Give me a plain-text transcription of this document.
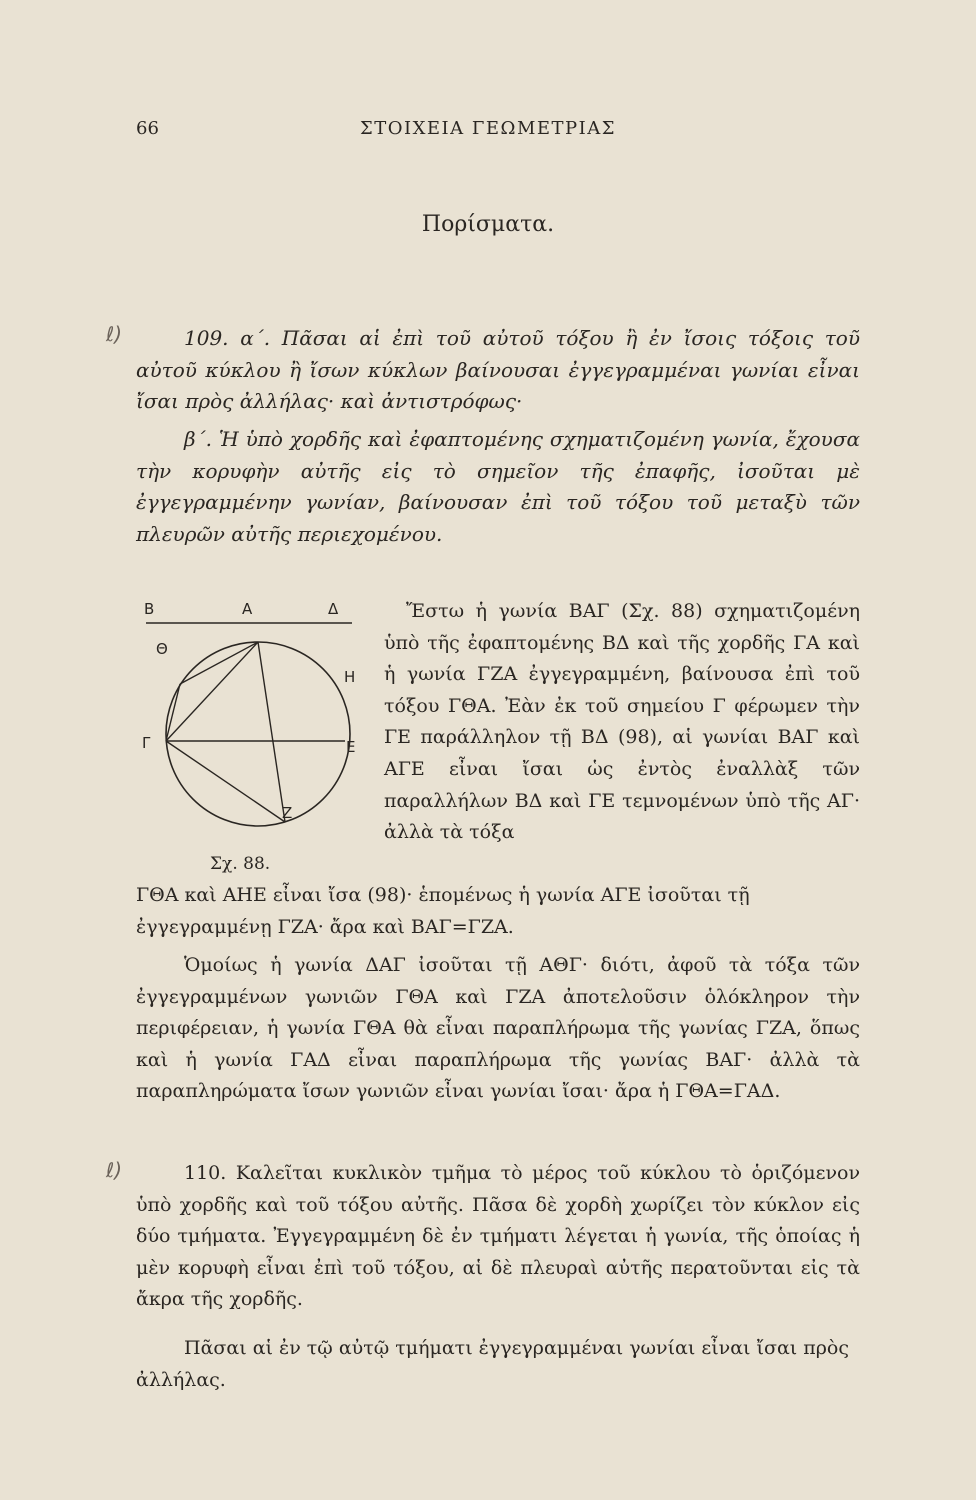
66	ΣΤΟΙΧΕΙΑ ΓΕΩΜΕΤΡΙΑΣ
Πορίσματα.
ℓ)	109. α΄. Πᾶσαι αἱ ἐπὶ τοῦ αὐτοῦ τόξου ἢ ἐν ἴσοις τόξοις τοῦ αὐτοῦ κύκλου ἢ ἴσων κύκλων βαίνουσαι ἐγγεγραμμέναι γωνίαι εἶναι ἴσαι πρὸς ἀλλήλας· καὶ ἀντιστρόφως·
β΄. Ἡ ὑπὸ χορδῆς καὶ ἐφαπτομένης σχηματιζομένη γωνία, ἔχουσα τὴν κορυφὴν αὐτῆς εἰς τὸ σημεῖον τῆς ἐπαφῆς, ἰσοῦται μὲ ἐγγεγραμμένην γωνίαν, βαίνουσαν ἐπὶ τοῦ τόξου τοῦ μεταξὺ τῶν πλευρῶν αὐτῆς περιεχομένου.
Β	Α	Δ
Θ
Η
Γ	Ε
Z
Σχ. 88.
Ἔστω ἡ γωνία ΒΑΓ (Σχ. 88) σχηματιζομένη ὑπὸ τῆς ἐφαπτομένης ΒΔ καὶ τῆς χορδῆς ΓΑ καὶ ἡ γωνία ΓΖΑ ἐγγεγραμμένη, βαίνουσα ἐπὶ τοῦ τόξου ΓΘΑ. Ἐὰν ἐκ τοῦ σημείου Γ φέρωμεν τὴν ΓΕ παράλληλον τῇ ΒΔ (98), αἱ γωνίαι ΒΑΓ καὶ ΑΓΕ εἶναι ἴσαι ὡς ἐντὸς ἐναλλὰξ τῶν παραλλήλων ΒΔ καὶ ΓΕ τεμνομένων ὑπὸ τῆς ΑΓ· ἀλλὰ τὰ τόξα
ΓΘΑ καὶ ΑΗΕ εἶναι ἴσα (98)· ἑπομένως ἡ γωνία ΑΓΕ ἰσοῦται τῇ ἐγγεγραμμένῃ ΓΖΑ· ἄρα καὶ ΒΑΓ=ΓΖΑ.
Ὁμοίως ἡ γωνία ΔΑΓ ἰσοῦται τῇ ΑΘΓ· διότι, ἀφοῦ τὰ τόξα τῶν ἐγγεγραμμένων γωνιῶν ΓΘΑ καὶ ΓΖΑ ἀποτελοῦσιν ὁλόκληρον τὴν περιφέρειαν, ἡ γωνία ΓΘΑ θὰ εἶναι παραπλήρωμα τῆς γωνίας ΓΖΑ, ὅπως καὶ ἡ γωνία ΓΑΔ εἶναι παραπλήρωμα τῆς γωνίας ΒΑΓ· ἀλλὰ τὰ παραπληρώματα ἴσων γωνιῶν εἶναι γωνίαι ἴσαι· ἄρα ἡ ΓΘΑ=ΓΑΔ.
ℓ)	110. Καλεῖται κυκλικὸν τμῆμα τὸ μέρος τοῦ κύκλου τὸ ὁριζόμενον ὑπὸ χορδῆς καὶ τοῦ τόξου αὐτῆς. Πᾶσα δὲ χορδὴ χωρίζει τὸν κύκλον εἰς δύο τμήματα. Ἐγγεγραμμένη δὲ ἐν τμήματι λέγεται ἡ γωνία, τῆς ὁποίας ἡ μὲν κορυφὴ εἶναι ἐπὶ τοῦ τόξου, αἱ δὲ πλευραὶ αὐτῆς περατοῦνται εἰς τὰ ἄκρα τῆς χορδῆς.
Πᾶσαι αἱ ἐν τῷ αὐτῷ τμήματι ἐγγεγραμμέναι γωνίαι εἶναι ἴσαι πρὸς ἀλλήλας.
